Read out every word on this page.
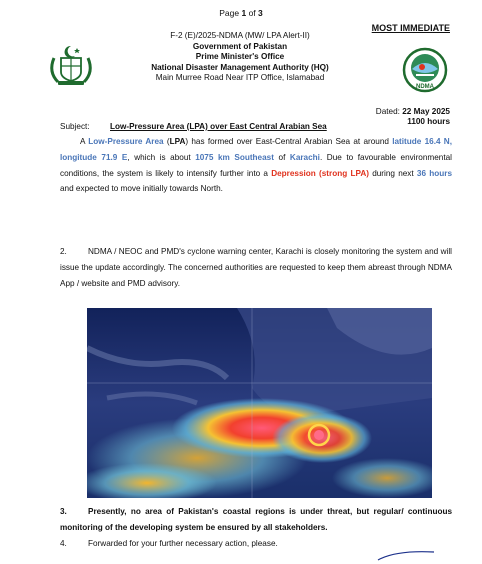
Page 1 of 3
MOST IMMEDIATE
F-2 (E)/2025-NDMA (MW/ LPA Alert-II)
Government of Pakistan
Prime Minister's Office
National Disaster Management Authority (HQ)
Main Murree Road Near ITP Office, Islamabad
NDMA
Dated: 22 May 2025
1100 hours
Subject: Low-Pressure Area (LPA) over East Central Arabian Sea
A Low-Pressure Area (LPA) has formed over East-Central Arabian Sea at around latitude 16.4 N, longitude 71.9 E, which is about 1075 km Southeast of Karachi. Due to favourable environmental conditions, the system is likely to intensify further into a Depression (strong LPA) during next 36 hours and expected to move initially towards North.
2.	NDMA / NEOC and PMD's cyclone warning center, Karachi is closely monitoring the system and will issue the update accordingly. The concerned authorities are requested to keep them abreast through NDMA App / website and PMD advisory.
3.	Presently, no area of Pakistan's coastal regions is under threat, but regular/ continuous monitoring of the developing system be ensured by all stakeholders.
4.	Forwarded for your further necessary action, please.
